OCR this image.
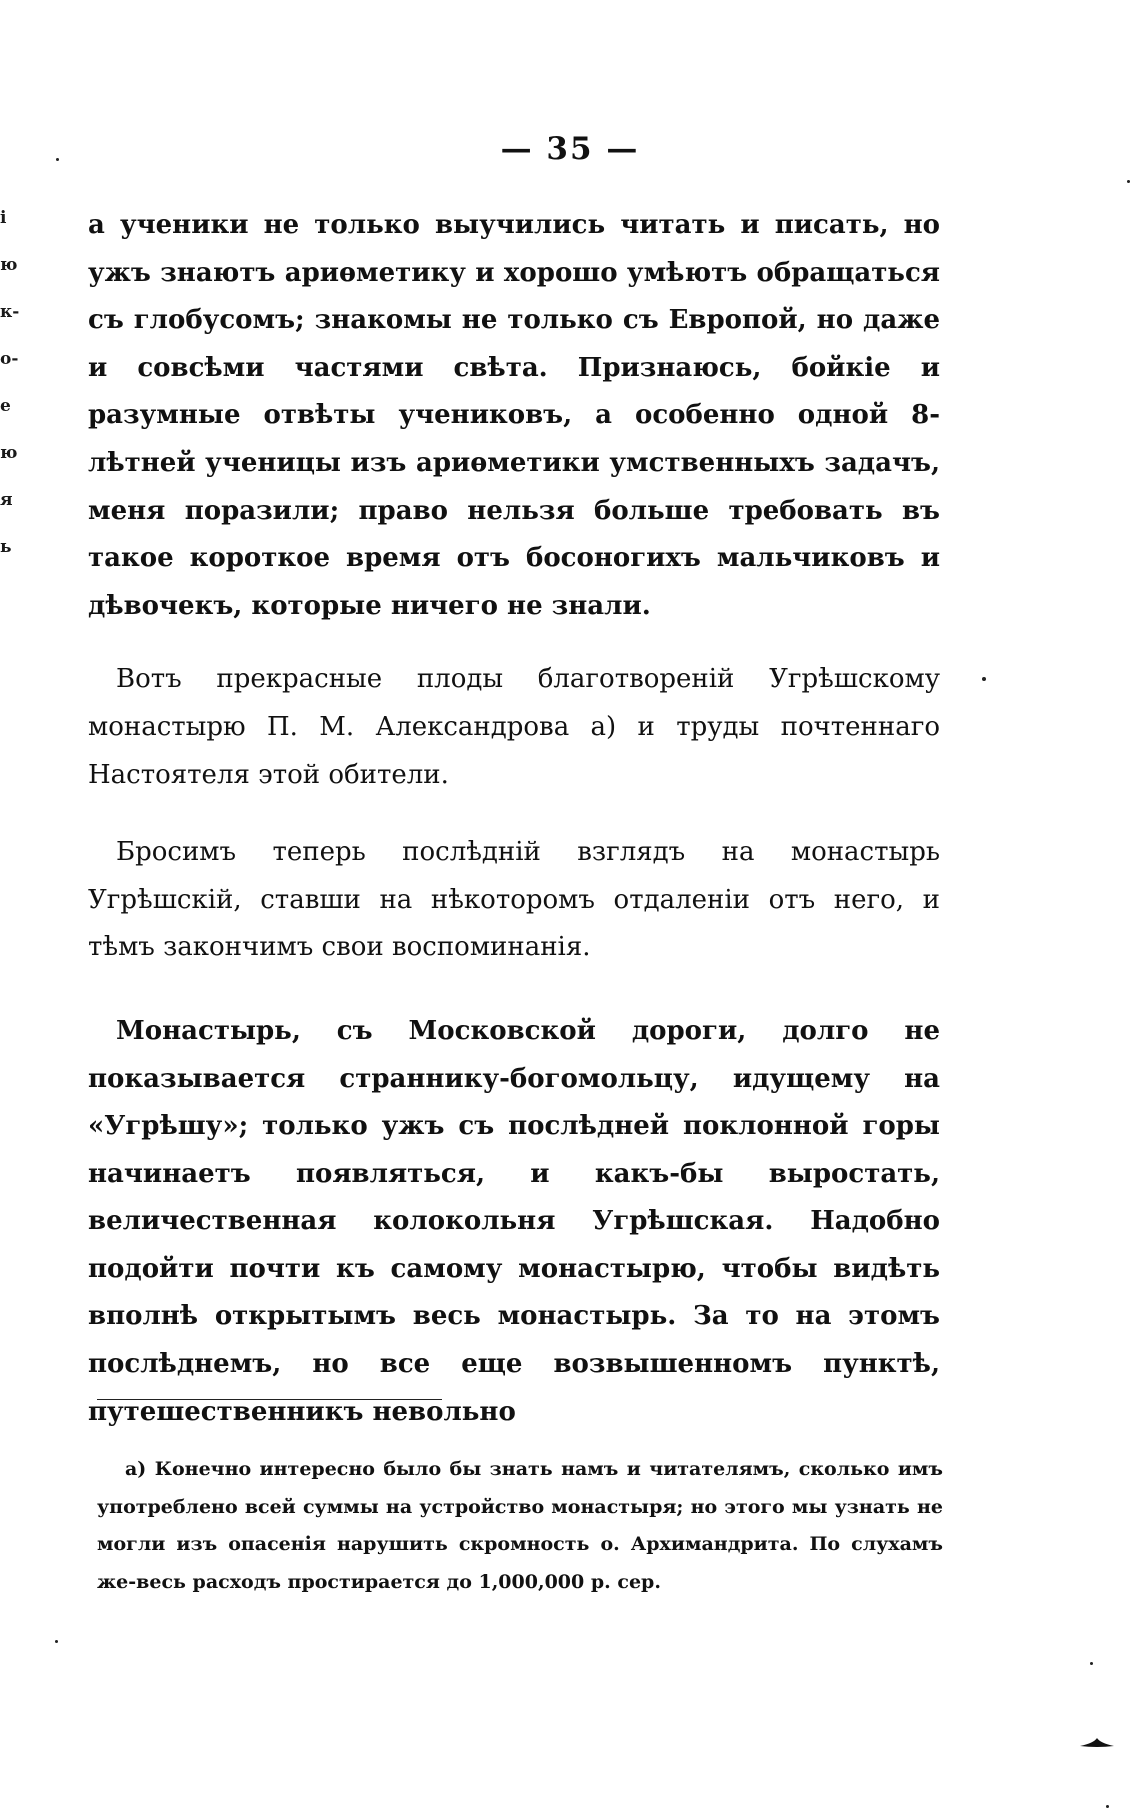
і
ю
к-
о-
е
ю
я
ь
— 35 —

а ученики не только выучились читать и писать, но ужъ знаютъ ариѳметику и хорошо умѣютъ обращаться съ глобусомъ; знакомы не только съ Европой, но даже и совсѣми частями свѣта. Признаюсь, бойкіе и разумные отвѣты учениковъ, а особенно одной 8-лѣтней ученицы изъ ариѳметики умственныхъ задачъ, меня поразили; право нельзя больше требовать въ такое короткое время отъ босоногихъ мальчиковъ и дѣвочекъ, которые ничего не знали.

Вотъ прекрасные плоды благотвореній Угрѣшскому монастырю П. М. Александрова а) и труды почтеннаго Настоятеля этой обители.

Бросимъ теперь послѣдній взглядъ на монастырь Угрѣшскій, ставши на нѣкоторомъ отдаленіи отъ него, и тѣмъ закончимъ свои воспоминанія.

Монастырь, съ Московской дороги, долго не показывается страннику-богомольцу, идущему на «Угрѣшу»; только ужъ съ послѣдней поклонной горы начинаетъ появляться, и какъ-бы выростать, величественная колокольня Угрѣшская. Надобно подойти почти къ самому монастырю, чтобы видѣть вполнѣ открытымъ весь монастырь. За то на этомъ послѣднемъ, но все еще возвышенномъ пунктѣ, путешественникъ невольно

а) Конечно интересно было бы знать намъ и читателямъ, сколько имъ употреблено всей суммы на устройство монастыря; но этого мы узнать не могли изъ опасенія нарушить скромность о. Архимандрита. По слухамъ же-весь расходъ простирается до 1,000,000 р. сер.
